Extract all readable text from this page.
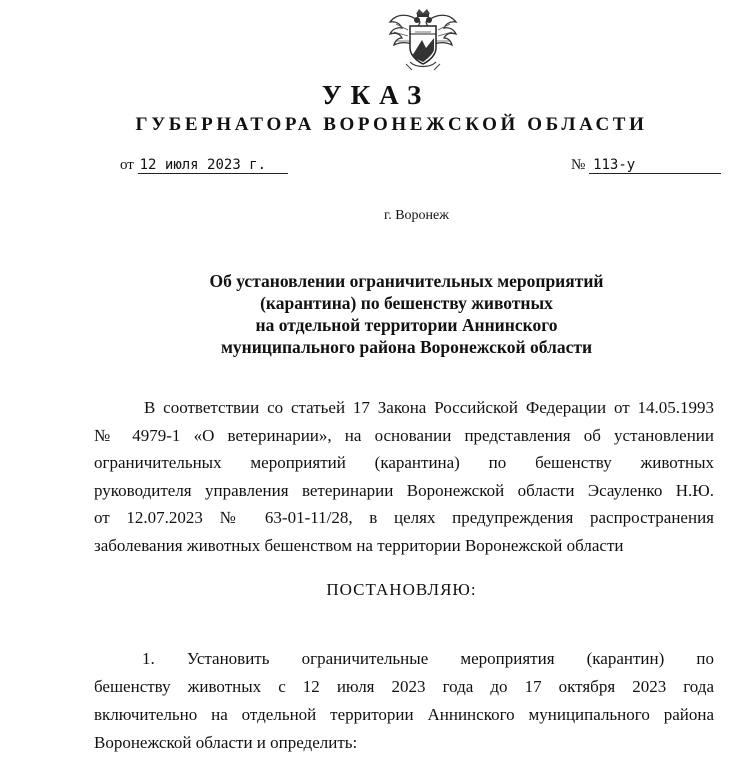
УКАЗ
ГУБЕРНАТОРА ВОРОНЕЖСКОЙ ОБЛАСТИ
от 12 июля 2023 г.	№ 113-у
г. Воронеж
Об установлении ограничительных мероприятий
(карантина) по бешенству животных
на отдельной территории Аннинского
муниципального района Воронежской области
В соответствии со статьей 17 Закона Российской Федерации от 14.05.1993
№ 4979-1 «О ветеринарии», на основании представления об установлении
ограничительных мероприятий (карантина) по бешенству животных
руководителя управления ветеринарии Воронежской области Эсауленко Н.Ю.
от 12.07.2023 № 63-01-11/28, в целях предупреждения распространения
заболевания животных бешенством на территории Воронежской области
ПОСТАНОВЛЯЮ:
1. Установить ограничительные мероприятия (карантин) по
бешенству животных с 12 июля 2023 года до 17 октября 2023 года
включительно на отдельной территории Аннинского муниципального района
Воронежской области и определить:
